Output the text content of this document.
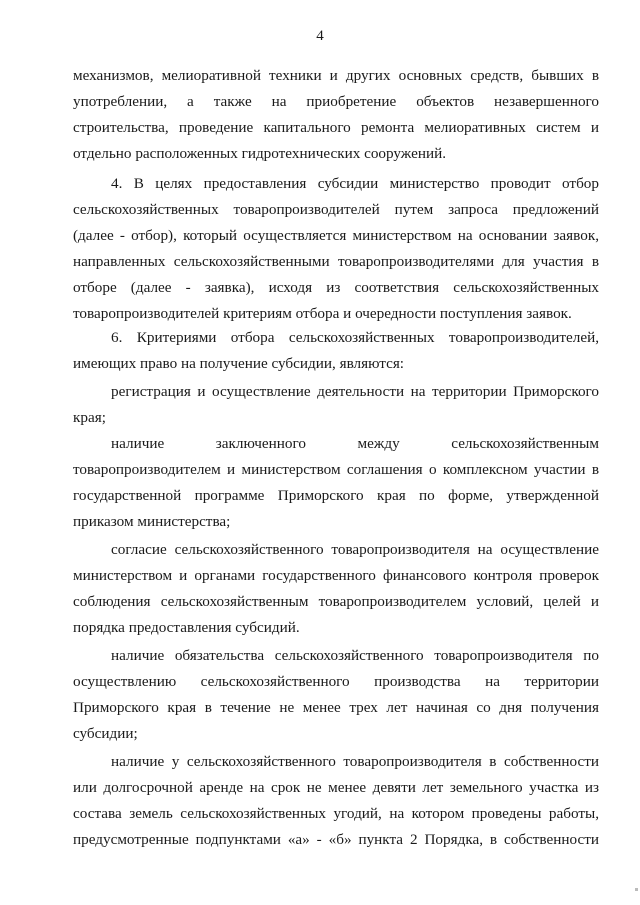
4
механизмов, мелиоративной техники и других основных средств, бывших в
употреблении, а также на приобретение объектов незавершенного
строительства, проведение капитального ремонта мелиоративных систем и
отдельно расположенных гидротехнических сооружений.
4. В целях предоставления субсидии министерство проводит отбор
сельскохозяйственных товаропроизводителей путем запроса предложений
(далее - отбор), который осуществляется министерством на основании заявок,
направленных сельскохозяйственными товаропроизводителями для участия в
отборе (далее - заявка), исходя из соответствия сельскохозяйственных
товаропроизводителей критериям отбора и очередности поступления заявок.
6. Критериями отбора сельскохозяйственных товаропроизводителей,
имеющих право на получение субсидии, являются:
регистрация и осуществление деятельности на территории Приморского
края;
наличие заключенного между сельскохозяйственным
товаропроизводителем и министерством соглашения о комплексном участии в
государственной программе Приморского края по форме, утвержденной
приказом министерства;
согласие сельскохозяйственного товаропроизводителя на осуществление
министерством и органами государственного финансового контроля проверок
соблюдения сельскохозяйственным товаропроизводителем условий, целей и
порядка предоставления субсидий.
наличие обязательства сельскохозяйственного товаропроизводителя по
осуществлению сельскохозяйственного производства на территории
Приморского края в течение не менее трех лет начиная со дня получения
субсидии;
наличие у сельскохозяйственного товаропроизводителя в собственности
или долгосрочной аренде на срок не менее девяти лет земельного участка из
состава земель сельскохозяйственных угодий, на котором проведены работы,
предусмотренные подпунктами «а» - «б» пункта 2 Порядка, в собственности
